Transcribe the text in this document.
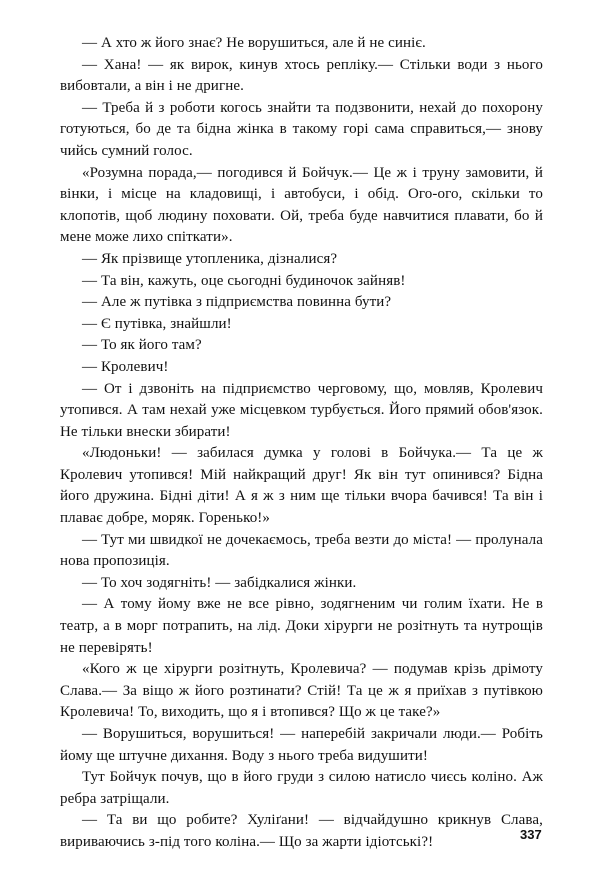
— А хто ж його знає? Не ворушиться, але й не синіє.

— Хана! — як вирок, кинув хтось репліку.— Стільки води з нього вибовтали, а він і не дригне.

— Треба й з роботи когось знайти та подзвонити, нехай до похорону готуються, бо де та бідна жінка в такому горі сама справиться,— знову чийсь сумний голос.

«Розумна порада,— погодився й Бойчук.— Це ж і труну замовити, й вінки, і місце на кладовищі, і автобуси, і обід. Ого-ого, скільки то клопотів, щоб людину поховати. Ой, треба буде навчитися плавати, бо й мене може лихо спіткати».

— Як прізвище утопленика, дізналися?

— Та він, кажуть, оце сьогодні будиночок зайняв!

— Але ж путівка з підприємства повинна бути?

— Є путівка, знайшли!

— То як його там?

— Кролевич!

— От і дзвоніть на підприємство черговому, що, мовляв, Кролевич утопився. А там нехай уже місцевком турбується. Його прямий обов'язок. Не тільки внески збирати!

«Людоньки! — забилася думка у голові в Бойчука.— Та це ж Кролевич утопився! Мій найкращий друг! Як він тут опинився? Бідна його дружина. Бідні діти! А я ж з ним ще тільки вчора бачився! Та він і плаває добре, моряк. Горенько!»

— Тут ми швидкої не дочекаємось, треба везти до міста! — пролунала нова пропозиція.

— То хоч зодягніть! — забідкалися жінки.

— А тому йому вже не все рівно, зодягненим чи голим їхати. Не в театр, а в морг потрапить, на лід. Доки хірурги не розітнуть та нутрощів не перевірять!

«Кого ж це хірурги розітнуть, Кролевича? — подумав крізь дрімоту Слава.— За віщо ж його розтинати? Стій! Та це ж я приїхав з путівкою Кролевича! То, виходить, що я і втопився? Що ж це таке?»

— Ворушиться, ворушиться! — наперебій закричали люди.— Робіть йому ще штучне дихання. Воду з нього треба видушити!

Тут Бойчук почув, що в його груди з силою натисло чиєсь коліно. Аж ребра затріщали.

— Та ви що робите? Хуліґани! — відчайдушно крикнув Слава, вириваючись з-під того коліна.— Що за жарти ідіотські?!	337
